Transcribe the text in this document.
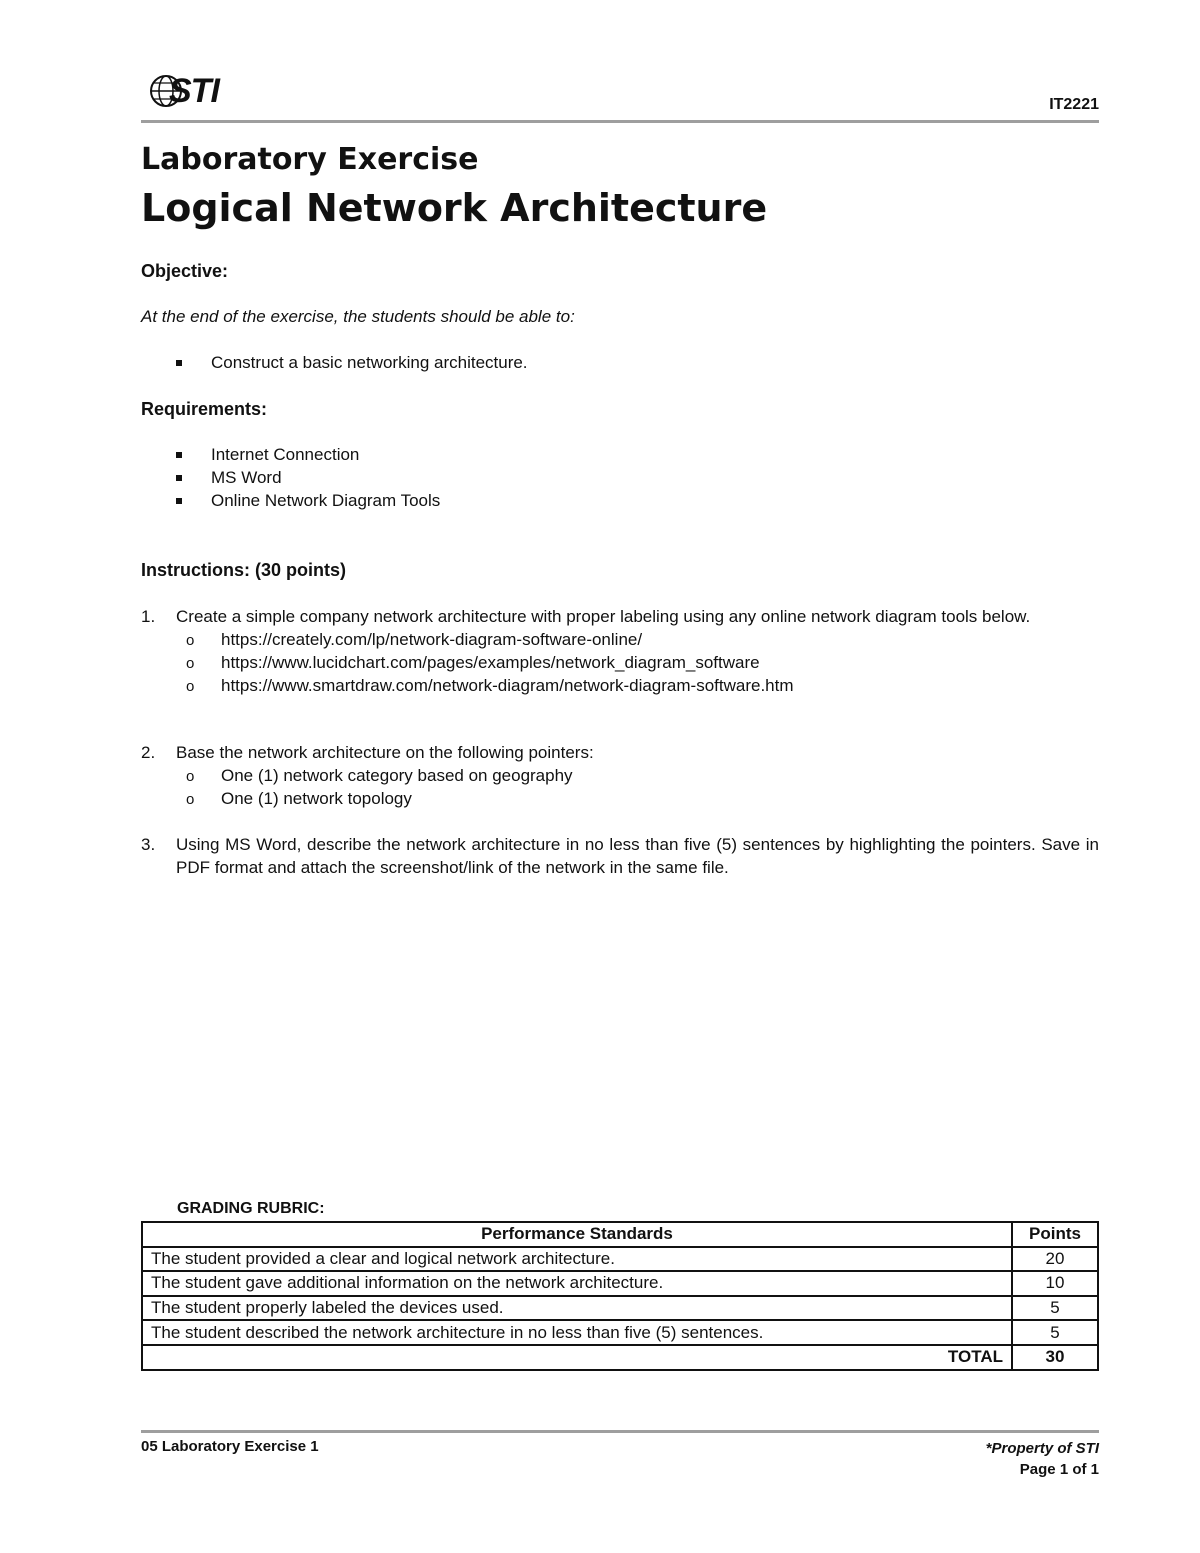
STI	IT2221
Laboratory Exercise
Logical Network Architecture
Objective:
At the end of the exercise, the students should be able to:
Construct a basic networking architecture.
Requirements:
Internet Connection
MS Word
Online Network Diagram Tools
Instructions: (30 points)
1. Create a simple company network architecture with proper labeling using any online network diagram tools below.
o	https://creately.com/lp/network-diagram-software-online/
o	https://www.lucidchart.com/pages/examples/network_diagram_software
o	https://www.smartdraw.com/network-diagram/network-diagram-software.htm
2. Base the network architecture on the following pointers:
o	One (1) network category based on geography
o	One (1) network topology
3. Using MS Word, describe the network architecture in no less than five (5) sentences by highlighting the pointers. Save in PDF format and attach the screenshot/link of the network in the same file.
GRADING RUBRIC:
Performance Standards	Points
The student provided a clear and logical network architecture.	20
The student gave additional information on the network architecture.	10
The student properly labeled the devices used.	5
The student described the network architecture in no less than five (5) sentences.	5
TOTAL	30
05 Laboratory Exercise 1	*Property of STI
Page 1 of 1
